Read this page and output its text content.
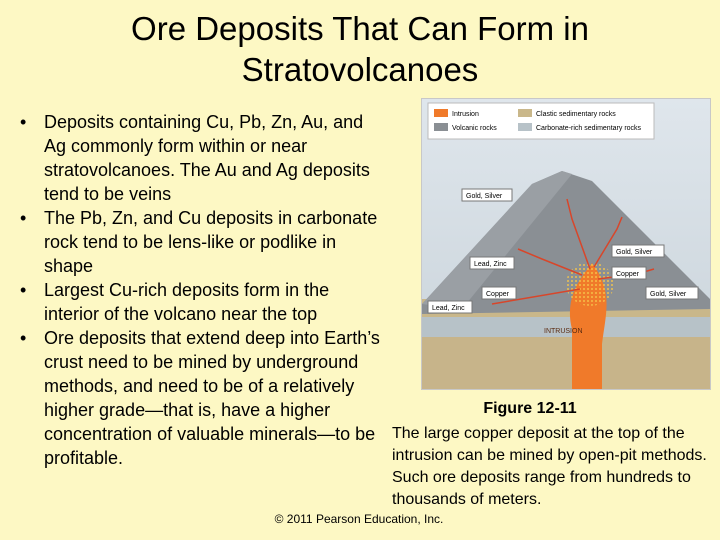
Ore Deposits That Can Form in Stratovolcanoes
• Deposits containing Cu, Pb, Zn, Au, and Ag commonly form within or near stratovolcanoes. The Au and Ag deposits tend to be veins
• The Pb, Zn, and Cu deposits in carbonate rock tend to be lens-like or podlike in shape
• Largest Cu-rich deposits form in the interior of the volcano near the top
• Ore deposits that extend deep into Earth’s crust need to be mined by underground methods, and need to be of a relatively higher grade—that is, have a higher concentration of valuable minerals—to be profitable.
Intrusion
Volcanic rocks
Clastic sedimentary rocks
Carbonate-rich sedimentary rocks
Gold, Silver
Gold, Silver
Lead, Zinc
Copper
Copper	Gold, Silver
Lead, Zinc
INTRUSION
Figure 12-11
The large copper deposit at the top of the intrusion can be mined by open-pit methods. Such ore deposits range from hundreds to thousands of meters.
© 2011 Pearson Education, Inc.
